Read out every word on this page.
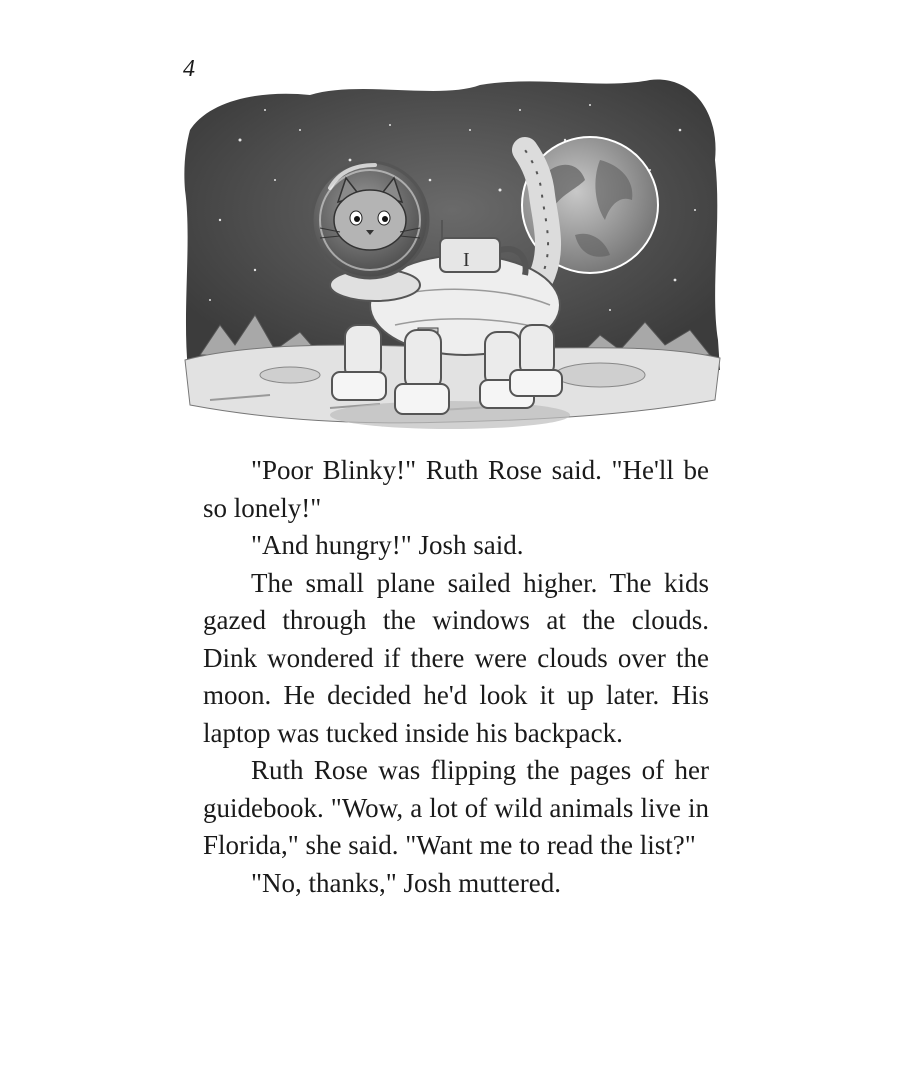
4
I

"Poor Blinky!" Ruth Rose said. "He'll be so lonely!"

"And hungry!" Josh said.

The small plane sailed higher. The kids gazed through the windows at the clouds. Dink wondered if there were clouds over the moon. He decided he'd look it up later. His laptop was tucked inside his backpack.

Ruth Rose was flipping the pages of her guidebook. "Wow, a lot of wild animals live in Florida," she said. "Want me to read the list?"

"No, thanks," Josh muttered.
